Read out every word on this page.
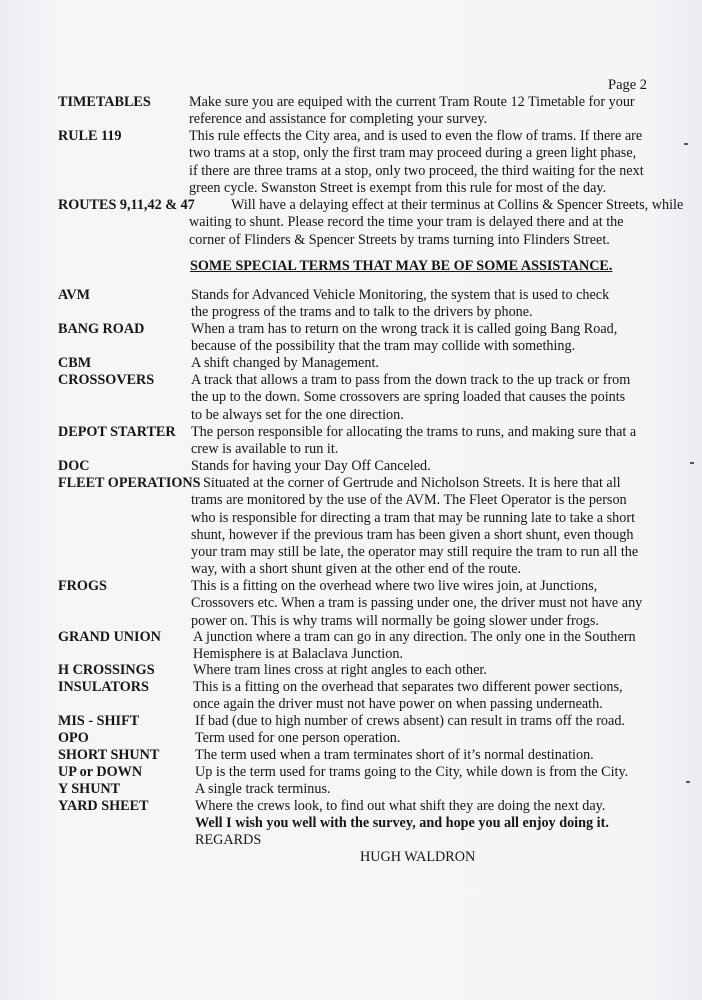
Page 2
TIMETABLES	Make sure you are equiped with the current Tram Route 12 Timetable for your
reference and assistance for completing your survey.
RULE 119	This rule effects the City area, and is used to even the flow of trams. If there are
two trams at a stop, only the first tram may proceed during a green light phase,
if there are three trams at a stop, only two proceed, the third waiting for the next
green cycle. Swanston Street is exempt from this rule for most of the day.
ROUTES 9,11,42 & 47	Will have a delaying effect at their terminus at Collins & Spencer Streets, while
waiting to shunt. Please record the time your tram is delayed there and at the
corner of Flinders & Spencer Streets by trams turning into Flinders Street.
SOME SPECIAL TERMS THAT MAY BE OF SOME ASSISTANCE.
AVM	Stands for Advanced Vehicle Monitoring, the system that is used to check
the progress of the trams and to talk to the drivers by phone.
BANG ROAD	When a tram has to return on the wrong track it is called going Bang Road,
because of the possibility that the tram may collide with something.
CBM	A shift changed by Management.
CROSSOVERS	A track that allows a tram to pass from the down track to the up track or from
the up to the down. Some crossovers are spring loaded that causes the points
to be always set for the one direction.
DEPOT STARTER The person responsible for allocating the trams to runs, and making sure that a
crew is available to run it.
DOC	Stands for having your Day Off Canceled.
FLEET OPERATIONS Situated at the corner of Gertrude and Nicholson Streets. It is here that all
trams are monitored by the use of the AVM. The Fleet Operator is the person
who is responsible for directing a tram that may be running late to take a short
shunt, however if the previous tram has been given a short shunt, even though
your tram may still be late, the operator may still require the tram to run all the
way, with a short shunt given at the other end of the route.
FROGS	This is a fitting on the overhead where two live wires join, at Junctions,
Crossovers etc. When a tram is passing under one, the driver must not have any
power on. This is why trams will normally be going slower under frogs.
GRAND UNION A junction where a tram can go in any direction. The only one in the Southern
Hemisphere is at Balaclava Junction.
H CROSSINGS	Where tram lines cross at right angles to each other.
INSULATORS	This is a fitting on the overhead that separates two different power sections,
once again the driver must not have power on when passing underneath.
MIS - SHIFT	If bad (due to high number of crews absent) can result in trams off the road.
OPO	Term used for one person operation.
SHORT SHUNT	The term used when a tram terminates short of it’s normal destination.
UP or DOWN	Up is the term used for trams going to the City, while down is from the City.
Y SHUNT	A single track terminus.
YARD SHEET	Where the crews look, to find out what shift they are doing the next day.
Well I wish you well with the survey, and hope you all enjoy doing it.
REGARDS
HUGH WALDRON
